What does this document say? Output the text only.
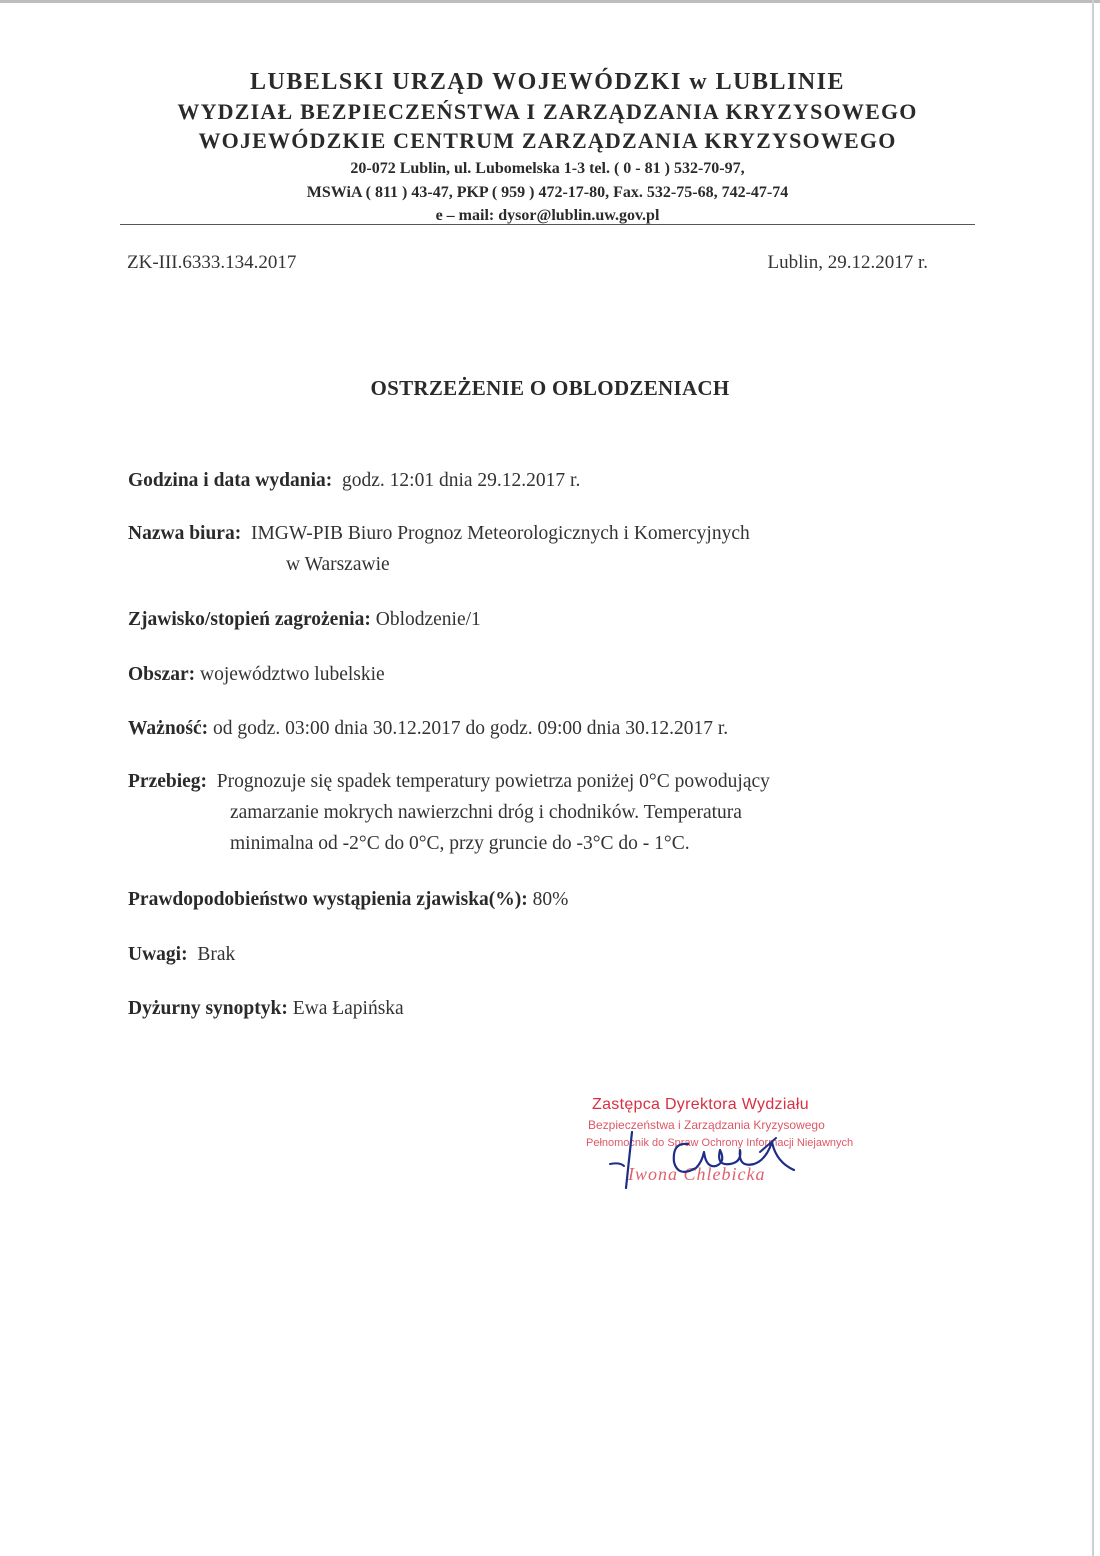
LUBELSKI URZĄD WOJEWÓDZKI w LUBLINIE
WYDZIAŁ BEZPIECZEŃSTWA I ZARZĄDZANIA KRYZYSOWEGO
WOJEWÓDZKIE CENTRUM ZARZĄDZANIA KRYZYSOWEGO
20-072 Lublin, ul. Lubomelska 1-3 tel. ( 0 - 81 ) 532-70-97,
MSWiA ( 811 ) 43-47, PKP ( 959 ) 472-17-80, Fax. 532-75-68, 742-47-74
e – mail: dysor@lublin.uw.gov.pl
ZK-III.6333.134.2017	Lublin, 29.12.2017 r.
OSTRZEŻENIE O OBLODZENIACH
Godzina i data wydania: godz. 12:01 dnia 29.12.2017 r.
Nazwa biura: IMGW-PIB Biuro Prognoz Meteorologicznych i Komercyjnych
w Warszawie
Zjawisko/stopień zagrożenia: Oblodzenie/1
Obszar: województwo lubelskie
Ważność: od godz. 03:00 dnia 30.12.2017 do godz. 09:00 dnia 30.12.2017 r.
Przebieg: Prognozuje się spadek temperatury powietrza poniżej 0°C powodujący
zamarzanie mokrych nawierzchni dróg i chodników. Temperatura
minimalna od -2°C do 0°C, przy gruncie do -3°C do - 1°C.
Prawdopodobieństwo wystąpienia zjawiska(%): 80%
Uwagi: Brak
Dyżurny synoptyk: Ewa Łapińska
Zastępca Dyrektora Wydziału
Bezpieczeństwa i Zarządzania Kryzysowego
Pełnomocnik do Spraw Ochrony Informacji Niejawnych
Iwona Chlebicka
